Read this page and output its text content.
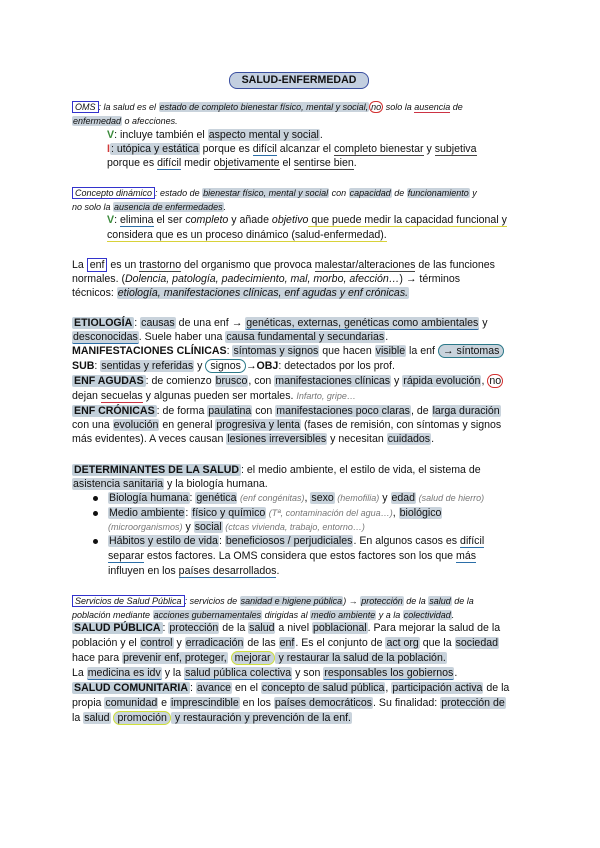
SALUD-ENFERMEDAD
OMS : la salud es el estado de completo bienestar físico, mental y social, no solo la ausencia de
enfermedad o afecciones.
V: incluye también el aspecto mental y social.
I: utópica y estática porque es difícil alcanzar el completo bienestar y subjetiva
porque es difícil medir objetivamente el sentirse bien.
Concepto dinámico : estado de bienestar físico, mental y social con capacidad de funcionamiento y
no solo la ausencia de enfermedades.
V: elimina el ser completo y añade objetivo que puede medir la capacidad funcional y
considera que es un proceso dinámico (salud-enfermedad).
La enf es un trastorno del organismo que provoca malestar/alteraciones de las funciones
normales. (Dolencia, patología, padecimiento, mal, morbo, afección…) → términos
técnicos: etiología, manifestaciones clínicas, enf agudas y enf crónicas.
ETIOLOGÍA : causas de una enf → genéticas, externas, genéticas como ambientales y
desconocidas. Suele haber una causa fundamental y secundarias.
MANIFESTACIONES CLÍNICAS: síntomas y signos que hacen visible la enf → síntomas
SUB: sentidas y referidas y signos →OBJ: detectados por los prof.
ENF AGUDAS : de comienzo brusco, con manifestaciones clínicas y rápida evolución, no
dejan secuelas y algunas pueden ser mortales. Infarto, gripe…
ENF CRÓNICAS : de forma paulatina con manifestaciones poco claras, de larga duración
con una evolución en general progresiva y lenta (fases de remisión, con síntomas y signos
más evidentes). A veces causan lesiones irreversibles y necesitan cuidados.
DETERMINANTES DE LA SALUD : el medio ambiente, el estilo de vida, el sistema de
asistencia sanitaria y la biología humana.
Biología humana: genética (enf congénitas), sexo (hemofilia) y edad (salud de hierro)
Medio ambiente: físico y químico (Tª, contaminación del agua…), biológico
(microorganismos) y social (ctcas vivienda, trabajo, entorno…)
Hábitos y estilo de vida: beneficiosos / perjudiciales. En algunos casos es difícil
separar estos factores. La OMS considera que estos factores son los que más
influyen en los países desarrollados.
Servicios de Salud Pública : servicios de sanidad e higiene pública) → protección de la salud de la
población mediante acciones gubernamentales dirigidas al medio ambiente y a la colectividad.
SALUD PÚBLICA : protección de la salud a nivel poblacional. Para mejorar la salud de la
población y el control y erradicación de las enf. Es el conjunto de act org que la sociedad
hace para prevenir enf, proteger, mejorar y restaurar la salud de la población.
La medicina es idv y la salud pública colectiva y son responsables los gobiernos.
SALUD COMUNITARIA : avance en el concepto de salud pública, participación activa de la
propia comunidad e imprescindible en los países democráticos. Su finalidad: protección de
la salud promoción y restauración y prevención de la enf.
